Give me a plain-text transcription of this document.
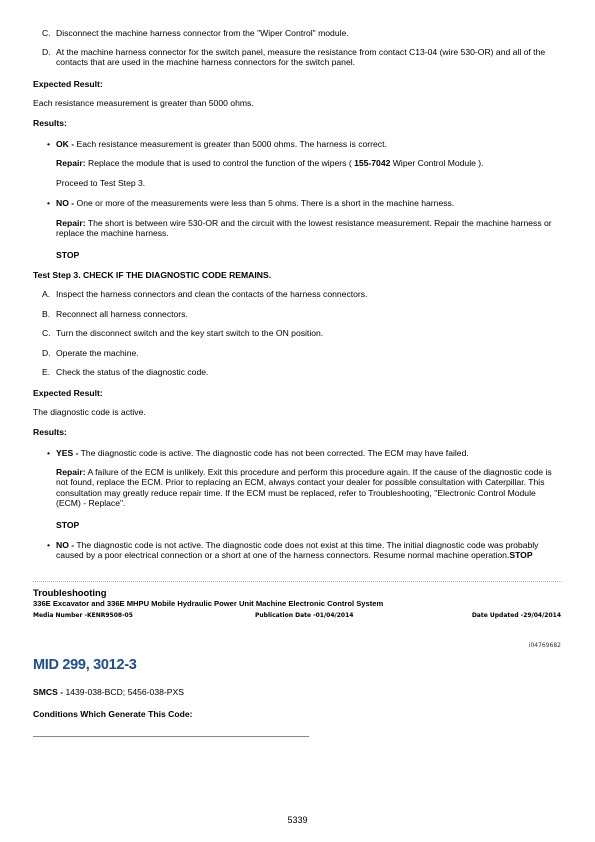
C. Disconnect the machine harness connector from the "Wiper Control" module.
D. At the machine harness connector for the switch panel, measure the resistance from contact C13-04 (wire 530-OR) and all of the contacts that are used in the machine harness connectors for the switch panel.
Expected Result:
Each resistance measurement is greater than 5000 ohms.
Results:
• OK - Each resistance measurement is greater than 5000 ohms. The harness is correct.
Repair: Replace the module that is used to control the function of the wipers ( 155-7042 Wiper Control Module ).
Proceed to Test Step 3.
• NO - One or more of the measurements were less than 5 ohms. There is a short in the machine harness.
Repair: The short is between wire 530-OR and the circuit with the lowest resistance measurement. Repair the machine harness or replace the machine harness.
STOP
Test Step 3. CHECK IF THE DIAGNOSTIC CODE REMAINS.
A. Inspect the harness connectors and clean the contacts of the harness connectors.
B. Reconnect all harness connectors.
C. Turn the disconnect switch and the key start switch to the ON position.
D. Operate the machine.
E. Check the status of the diagnostic code.
Expected Result:
The diagnostic code is active.
Results:
• YES - The diagnostic code is active. The diagnostic code has not been corrected. The ECM may have failed.
Repair: A failure of the ECM is unlikely. Exit this procedure and perform this procedure again. If the cause of the diagnostic code is not found, replace the ECM. Prior to replacing an ECM, always contact your dealer for possible consultation with Caterpillar. This consultation may greatly reduce repair time. If the ECM must be replaced, refer to Troubleshooting, "Electronic Control Module (ECM) - Replace".
STOP
• NO - The diagnostic code is not active. The diagnostic code does not exist at this time. The initial diagnostic code was probably caused by a poor electrical connection or a short at one of the harness connectors. Resume normal machine operation.STOP
Troubleshooting
336E Excavator and 336E MHPU Mobile Hydraulic Power Unit Machine Electronic Control System
Media Number -KENR9508-05	Publication Date -01/04/2014	Date Updated -29/04/2014
i04769682
MID 299, 3012-3
SMCS - 1439-038-BCD; 5456-038-PXS
Conditions Which Generate This Code:
5339
